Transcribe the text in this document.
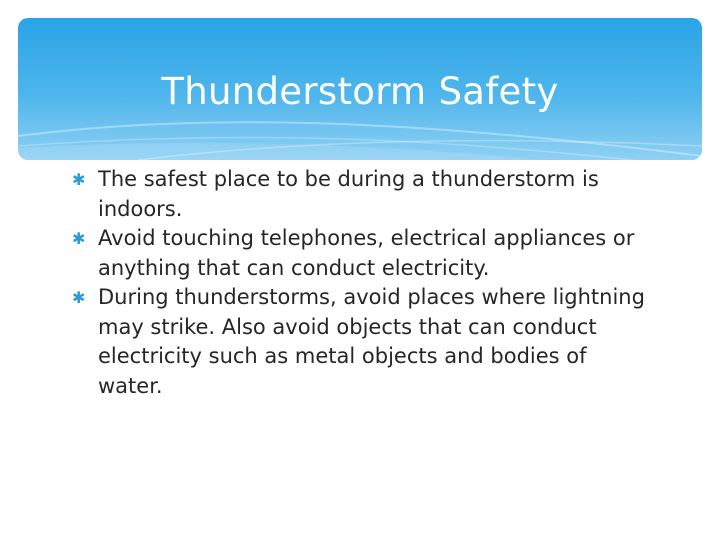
Thunderstorm Safety
✱ The safest place to be during a thunderstorm is indoors.
✱ Avoid touching telephones, electrical appliances or anything that can conduct electricity.
✱ During thunderstorms, avoid places where lightning may strike. Also avoid objects that can conduct electricity such as metal objects and bodies of water.
